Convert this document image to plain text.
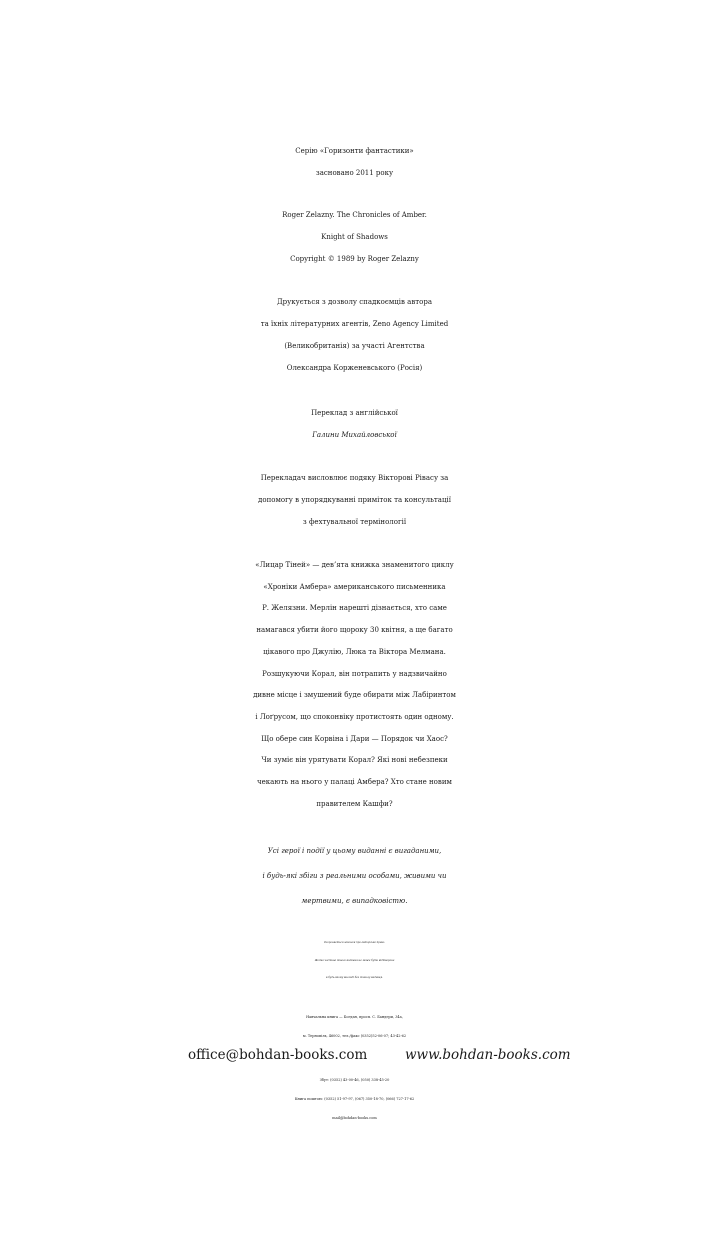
Серію «Горизонти фантастики»
засновано 2011 року
Roger Zelazny. The Chronicles of Amber.
Knight of Shadows
Copyright © 1989 by Roger Zelazny
Друкується з дозволу спадкоємців автора
та їхніх літературних агентів, Zeno Agency Limited
(Великобританія) за участі Агентства
Олександра Корженевського (Росія)
Переклад з англійської
Галини Михайловської
Перекладач висловлює подяку Вікторові Рівасу за
допомогу в упорядкуванні приміток та консультації
з фехтувальної термінології
«Лицар Тіней» — дев’ята книжка знаменитого циклу
«Хроніки Амбера» американського письменника
Р. Желязни. Мерлін нарешті дізнається, хто саме
намагався убити його щороку 30 квітня, а ще багато
цікавого про Джулію, Люка та Віктора Мелмана.
Розшукуючи Корал, він потрапить у надзвичайно
дивне місце і змушений буде обирати між Лабіринтом
і Лоґрусом, що споконвіку протистоять один одному.
Що обере син Корвіна і Дари — Порядок чи Хаос?
Чи зуміє він урятувати Корал? Які нові небезпеки
чекають на нього у палаці Амбера? Хто стане новим
правителем Кашфи?
Усі герої і події у цьому виданні є вигаданими,
і будь-які збіги з реальними особами, живими чи
мертвими, є випадковістю.
Охороняється законом про авторське право.
Жодна частина даного видання не може бути відтворена
в будь-якому вигляді без дозволу видавця.
Навчальна книга — Богдан, просп. С. Бандери, 34а,
м. Тернопіль, 46002, тел./факс (0352)52-06-07; 43-42-62
office@bohdan-books.com	www.bohdan-books.com
Збут: (0352) 43-00-46, (050) 338-45-20
Книга поштою: (0352) 51-97-97, (067) 350-18-70, (066) 727-17-62
mail@bohdan-books.com
